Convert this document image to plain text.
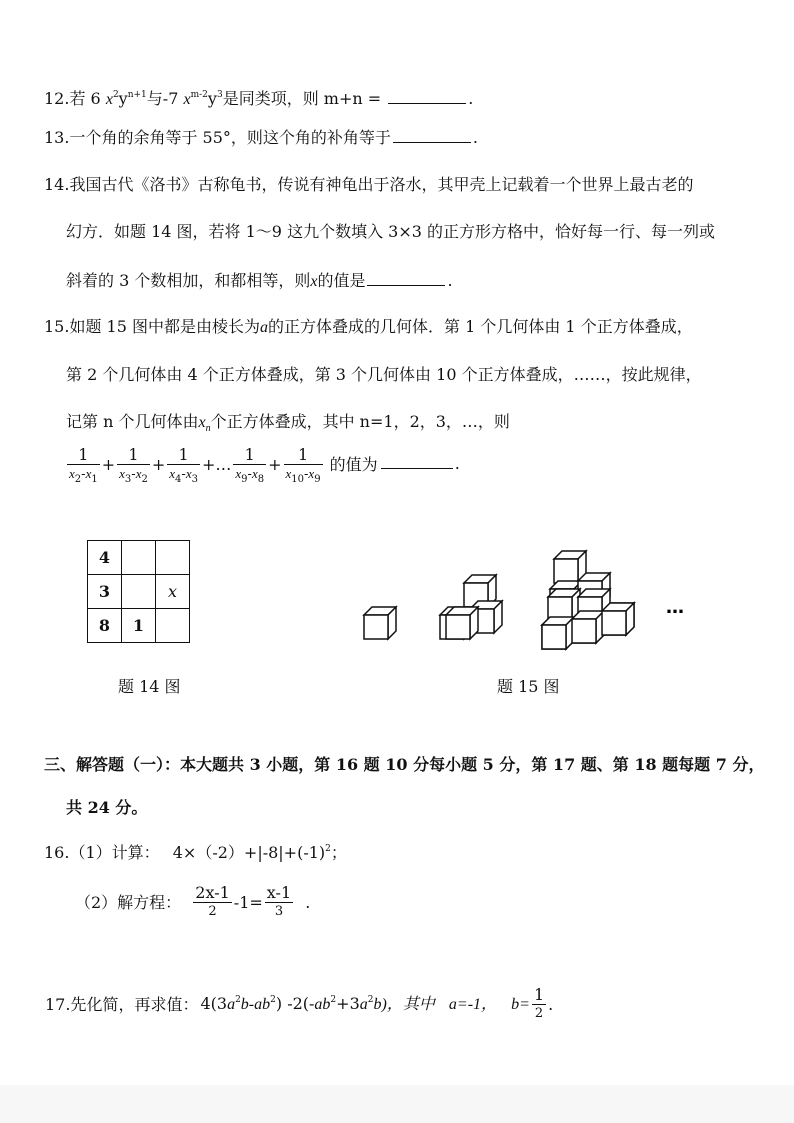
12.若 6 $x^2y^{n+1}$与-7 $x^{m-2}y^3$是同类项，则 m+n =	.
13.一个角的余角等于 55°，则这个角的补角等于	.
14.我国古代《洛书》古称龟书，传说有神龟出于洛水，其甲壳上记载着一个世界上最古老的
幻方．如题 14 图，若将 1～9 这九个数填入 3×3 的正方形方格中，恰好每一行、每一列或
斜着的 3 个数相加，和都相等，则x的值是	.
15.如题 15 图中都是由棱长为a的正方体叠成的几何体．第 1 个几何体由 1 个正方体叠成，
第 2 个几何体由 4 个正方体叠成，第 3 个几何体由 10 个正方体叠成，……，按此规律，
记第 n 个几何体由$x_n$个正方体叠成，其中 n=1，2，3，…，则
$\frac{1}{x_2-x_1} + \frac{1}{x_3-x_2} + \frac{1}{x_4-x_3}$ +… $\frac{1}{x_9-x_8} + \frac{1}{x_{10}-x_9}$ 的值为	.
4		
3		x
8	1	
题 14 图
…
题 15 图
三、解答题（一）：本大题共 3 小题，第 16 题 10 分每小题 5 分，第 17 题、第 18 题每题 7 分，
共 24 分。
16.（1）计算： $4\times(-2)+|-8|+(-1)^2$；
（2）解方程： $\frac{2x-1}{2} -1= \frac{x-1}{3}$ .
17.先化简，再求值： $4(3a^2b-ab^2)$ $-2(-ab^2+3a^2b)$，其中 a=-1， $b= \frac{1}{2}$ .
